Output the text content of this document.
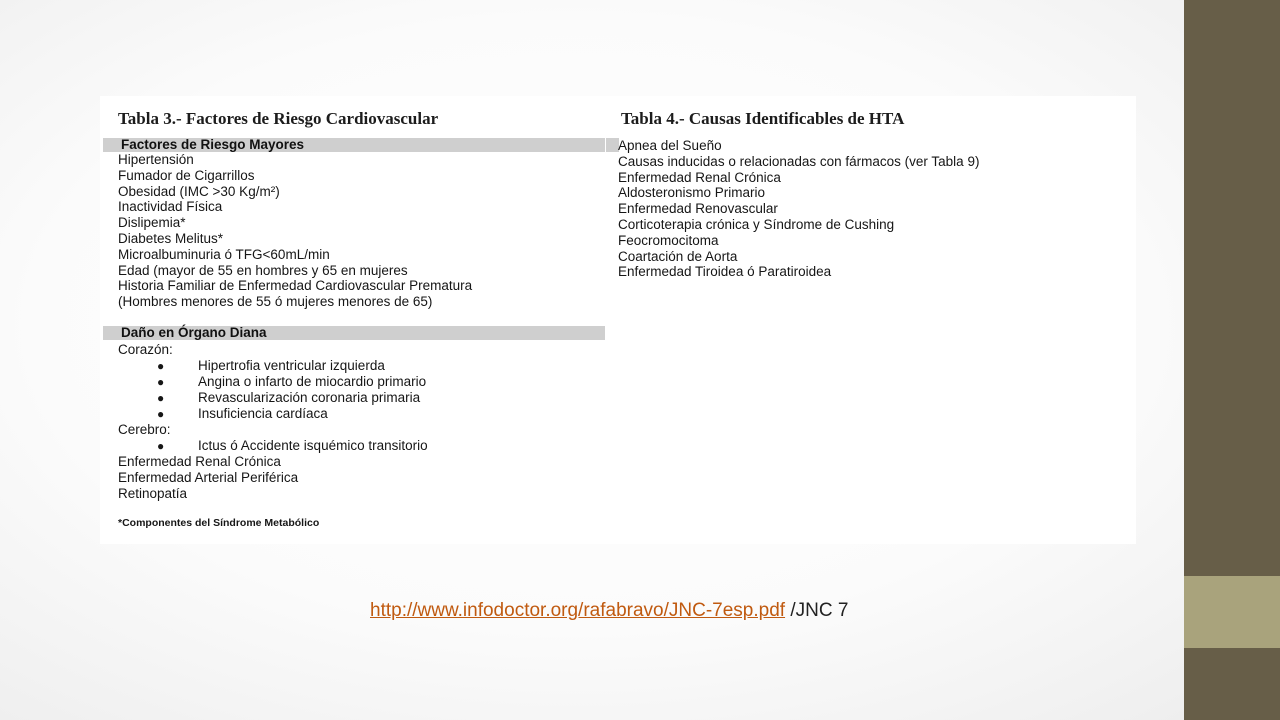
Tabla 3.- Factores de Riesgo Cardiovascular
Factores de Riesgo Mayores
Hipertensión
Fumador de Cigarrillos
Obesidad (IMC >30 Kg/m²)
Inactividad Física
Dislipemia*
Diabetes Melitus*
Microalbuminuria ó TFG<60mL/min
Edad (mayor de 55 en hombres y 65 en mujeres
Historia Familiar de Enfermedad Cardiovascular Prematura
(Hombres menores de 55 ó mujeres menores de 65)
Daño en Órgano Diana
Corazón:
●	Hipertrofia ventricular izquierda
●	Angina o infarto de miocardio primario
●	Revascularización coronaria primaria
●	Insuficiencia cardíaca
Cerebro:
●	Ictus ó Accidente isquémico transitorio
Enfermedad Renal Crónica
Enfermedad Arterial Periférica
Retinopatía
*Componentes del Síndrome Metabólico
Tabla 4.- Causas Identificables de HTA
Apnea del Sueño
Causas inducidas o relacionadas con fármacos (ver Tabla 9)
Enfermedad Renal Crónica
Aldosteronismo Primario
Enfermedad Renovascular
Corticoterapia crónica y Síndrome de Cushing
Feocromocitoma
Coartación de Aorta
Enfermedad Tiroidea ó Paratiroidea
http://www.infodoctor.org/rafabravo/JNC-7esp.pdf /JNC 7
